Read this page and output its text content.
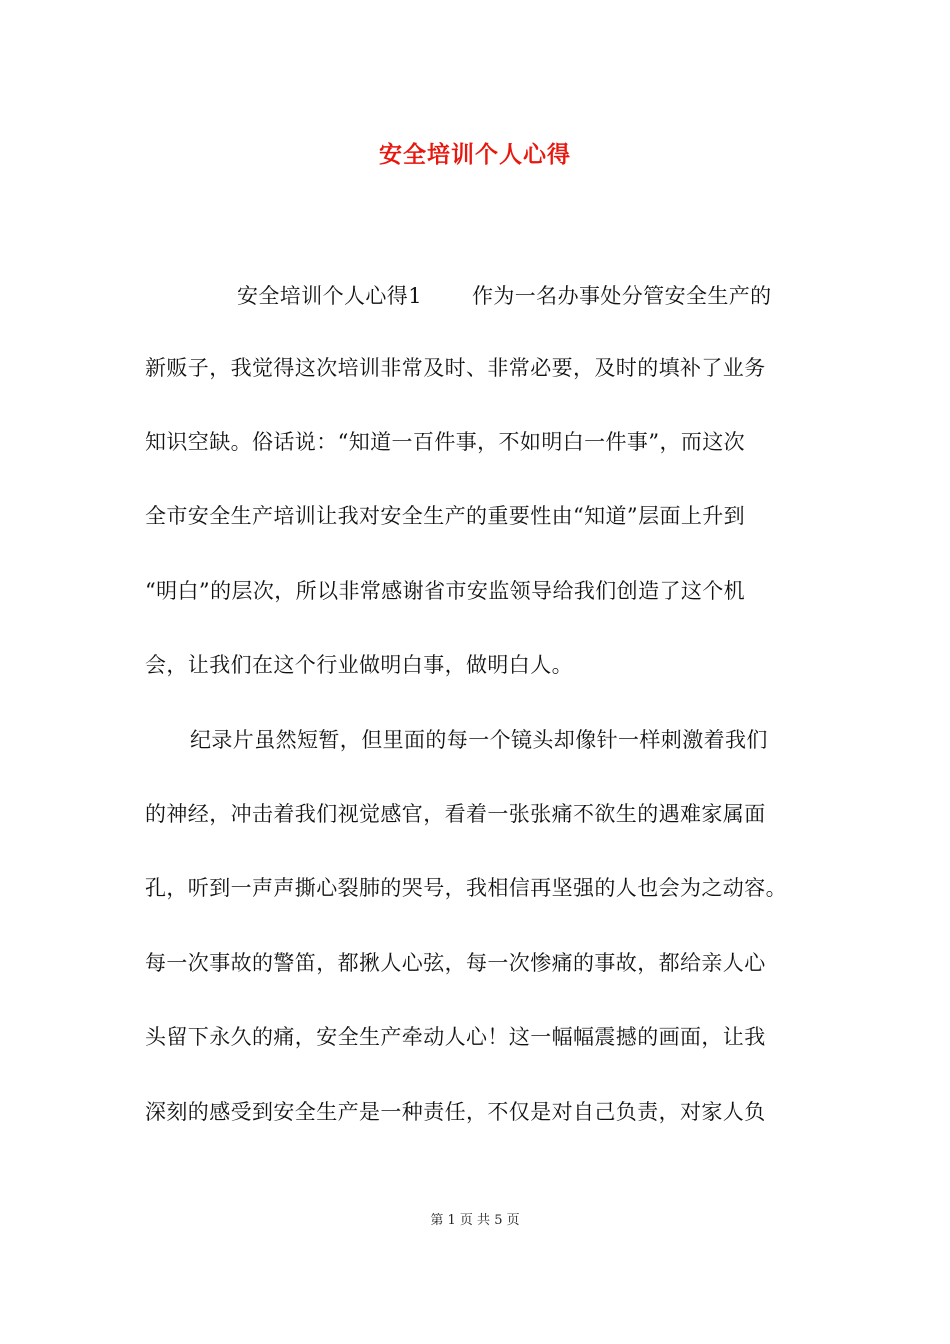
安全培训个人心得
安全培训个人心得1 作为一名办事处分管安全生产的
新贩子，我觉得这次培训非常及时、非常必要，及时的填补了业务
知识空缺。俗话说：“知道一百件事，不如明白一件事”，而这次
全市安全生产培训让我对安全生产的重要性由“知道”层面上升到
“明白”的层次，所以非常感谢省市安监领导给我们创造了这个机
会，让我们在这个行业做明白事，做明白人。
纪录片虽然短暂，但里面的每一个镜头却像针一样刺激着我们
的神经，冲击着我们视觉感官，看着一张张痛不欲生的遇难家属面
孔，听到一声声撕心裂肺的哭号，我相信再坚强的人也会为之动容。
每一次事故的警笛，都揪人心弦，每一次惨痛的事故，都给亲人心
头留下永久的痛，安全生产牵动人心！这一幅幅震撼的画面，让我
深刻的感受到安全生产是一种责任，不仅是对自己负责，对家人负
第 1 页 共 5 页
